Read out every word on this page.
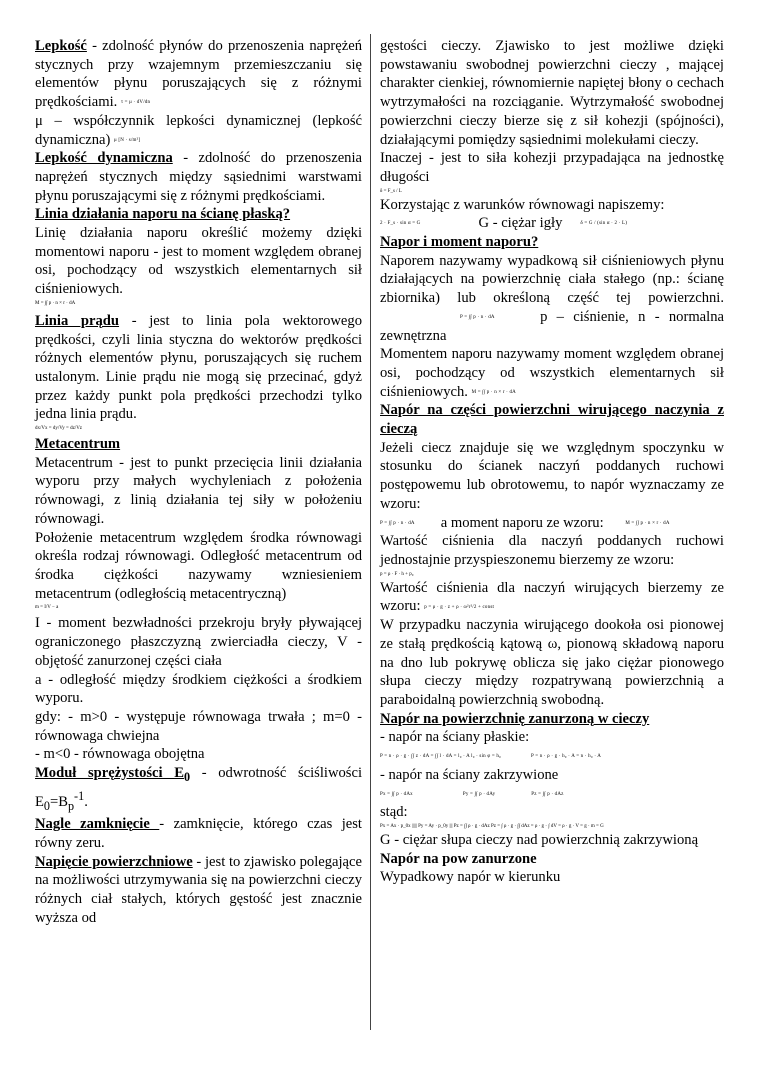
Lepkość - zdolność płynów do przenoszenia naprężeń stycznych przy wzajemnym przemieszczaniu się elementów płynu poruszających się z różnymi prędkościami. τ = μ · dV/dn

μ – współczynnik lepkości dynamicznej (lepkość dynamiczna) μ [N · s/m²]

Lepkość dynamiczna - zdolność do przenoszenia naprężeń stycznych między sąsiednimi warstwami płynu poruszającymi się z różnymi prędkościami.

Linia działania naporu na ścianę płaską?

Linię działania naporu określić możemy dzięki momentowi naporu - jest to moment względem obranej osi, pochodzący od wszystkich elementarnych sił ciśnieniowych.

M = ∫∫ p · n × r · dA

Linia prądu - jest to linia pola wektorowego prędkości, czyli linia styczna do wektorów prędkości różnych elementów płynu, poruszających się ruchem ustalonym. Linie prądu nie mogą się przecinać, gdyż przez każdy punkt pola prędkości przechodzi tylko jedna linia prądu.

dx/Vx = dy/Vy = dz/Vz

Metacentrum

Metacentrum - jest to punkt przecięcia linii działania wyporu przy małych wychyleniach z położenia równowagi, z linią działania tej siły w położeniu równowagi.

Położenie metacentrum względem środka równowagi określa rodzaj równowagi. Odległość metacentrum od środka ciężkości nazywamy wzniesieniem metacentrum (odległością metacentryczną)

m = I/V − a

I - moment bezwładności przekroju bryły pływającej ograniczonego płaszczyzną zwierciadła cieczy, V - objętość zanurzonej części ciała

a - odległość między środkiem ciężkości a środkiem wyporu.

gdy: - m>0 - występuje równowaga trwała ; m=0 - równowaga chwiejna

- m<0 - równowaga obojętna

Moduł sprężystości $E_0$ - odwrotność ściśliwości $E_0=B_p^{-1}$.

Nagle zamknięcie - zamknięcie, którego czas jest równy zeru.

Napięcie powierzchniowe - jest to zjawisko polegające na możliwości utrzymywania się na powierzchni cieczy różnych ciał stałych, których gęstość jest znacznie wyższa od

gęstości cieczy. Zjawisko to jest możliwe dzięki powstawaniu swobodnej powierzchni cieczy , mającej charakter cienkiej, równomiernie napiętej błony o cechach wytrzymałości na rozciąganie. Wytrzymałość swobodnej powierzchni cieczy bierze się z sił kohezji (spójności), działającymi pomiędzy sąsiednimi molekułami cieczy.

Inaczej - jest to siła kohezji przypadająca na jednostkę długości

δ = F_s / L

Korzystając z warunków równowagi napiszemy:

2 · F_s · sin α = G	G - ciężar igły	δ = G / (sin α · 2 · L)

Napor i moment naporu?

Naporem nazywamy wypadkową sił ciśnieniowych płynu działających na powierzchnię ciała stałego (np.: ścianę zbiornika) lub określoną część tej powierzchni. P = ∫∫ p · n · dA	p – ciśnienie, n - normalna zewnętrzna

Momentem naporu nazywamy moment względem obranej osi, pochodzący od wszystkich elementarnych sił ciśnieniowych. M = ∫∫ p · n × r · dA

Napór na części powierzchni wirującego naczynia z cieczą

Jeżeli ciecz znajduje się we względnym spoczynku w stosunku do ścianek naczyń poddanych ruchowi postępowemu lub obrotowemu, to napór wyznaczamy ze wzoru:

P = ∫∫ p · n · dA a moment naporu ze wzoru:	M = ∫∫ p · n × r · dA

Wartość ciśnienia dla naczyń poddanych ruchowi jednostajnie przyspieszonemu bierzemy ze wzoru:

p = ρ · F · h + p₀

Wartość ciśnienia dla naczyń wirujących bierzemy ze wzoru: p = ρ · g · z + ρ · ω²r²/2 + const

W przypadku naczynia wirującego dookoła osi pionowej ze stałą prędkością kątową ω, pionową składową naporu na dno lub pokrywę oblicza się jako ciężar pionowego słupa cieczy między rozpatrywaną powierzchnią a paraboidalną powierzchnią swobodną.

Napór na powierzchnię zanurzoną w cieczy

- napór na ściany płaskie:

P = n · ρ · g · ∫∫ z · dA = ∫∫ l · dA = l₀ · A l₀ · sin φ = h₀	P = n · ρ · g · h₀ · A = n · h₀ · A

- napór na ściany zakrzywione

Px = ∫∫ p · dAx	Py = ∫∫ p · dAy	Pz = ∫∫ p · dAz

stąd:

Px = Ax · p_0x ||||| Py = Ay · p_0y ||| Pz = ∫∫ ρ · g · dAz Pz = ∫ ρ · g · ∫∫ dAz = ρ · g · ∫ dV = ρ · g · V = g · m = G

G - ciężar słupa cieczy nad powierzchnią zakrzywioną

Napór na pow zanurzone

Wypadkowy napór w kierunku
